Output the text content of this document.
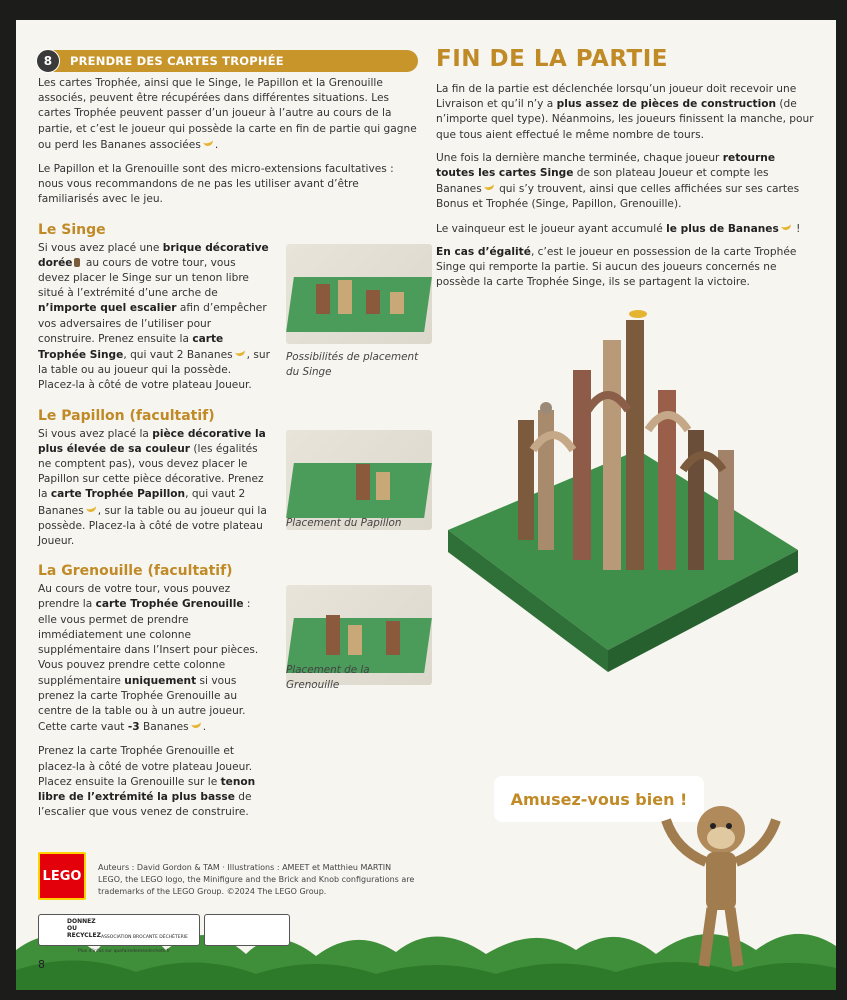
8	PRENDRE DES CARTES TROPHÉE

Les cartes Trophée, ainsi que le Singe, le Papillon et la Grenouille associés, peuvent être récupérées dans différentes situations. Les cartes Trophée peuvent passer d’un joueur à l’autre au cours de la partie, et c’est le joueur qui possède la carte en fin de partie qui gagne ou perd les Bananes associées .

Le Papillon et la Grenouille sont des micro-extensions facultatives : nous vous recommandons de ne pas les utiliser avant d’être familiarisés avec le jeu.

Le Singe

Si vous avez placé une brique décorative dorée au cours de votre tour, vous devez placer le Singe sur un tenon libre situé à l’extrémité d’une arche de n’importe quel escalier afin d’empêcher vos adversaires de l’utiliser pour construire. Prenez ensuite la carte Trophée Singe, qui vaut 2 Bananes , sur la table ou au joueur qui la possède. Placez-la à côté de votre plateau Joueur.

Possibilités de placement du Singe
Le Papillon (facultatif)

Si vous avez placé la pièce décorative la plus élevée de sa couleur (les égalités ne comptent pas), vous devez placer le Papillon sur cette pièce décorative. Prenez la carte Trophée Papillon, qui vaut 2 Bananes , sur la table ou au joueur qui la possède. Placez-la à côté de votre plateau Joueur.

Placement du Papillon
La Grenouille (facultatif)

Au cours de votre tour, vous pouvez prendre la carte Trophée Grenouille : elle vous permet de prendre immédiatement une colonne supplémentaire dans l’Insert pour pièces. Vous pouvez prendre cette colonne supplémentaire uniquement si vous prenez la carte Trophée Grenouille au centre de la table ou à un autre joueur. Cette carte vaut -3 Bananes .

Prenez la carte Trophée Grenouille et placez-la à côté de votre plateau Joueur. Placez ensuite la Grenouille sur le tenon libre de l’extrémité la plus basse de l’escalier que vous venez de construire.

Placement de la Grenouille
FIN DE LA PARTIE

La fin de la partie est déclenchée lorsqu’un joueur doit recevoir une Livraison et qu’il n’y a plus assez de pièces de construction (de n’importe quel type). Néanmoins, les joueurs finissent la manche, pour que tous aient effectué le même nombre de tours.

Une fois la dernière manche terminée, chaque joueur retourne toutes les cartes Singe de son plateau Joueur et compte les Bananes qui s’y trouvent, ainsi que celles affichées sur ses cartes Bonus et Trophée (Singe, Papillon, Grenouille).

Le vainqueur est le joueur ayant accumulé le plus de Bananes !

En cas d’égalité, c’est le joueur en possession de la carte Trophée Singe qui remporte la partie. Si aucun des joueurs concernés ne possède la carte Trophée Singe, ils se partagent la victoire.

Amusez-vous bien !
LEGO
Auteurs : David Gordon & TAM · Illustrations : AMEET et Matthieu MARTIN
LEGO, the LEGO logo, the Minifigure and the Brick and Knob configurations are trademarks of the LEGO Group. ©2024 The LEGO Group.
DONNEZ
OU
RECYCLEZ ASSOCIATION BROCANTE DÉCHÈTERIE
Plus d’infos sur quefairedemesdechets.fr
8
